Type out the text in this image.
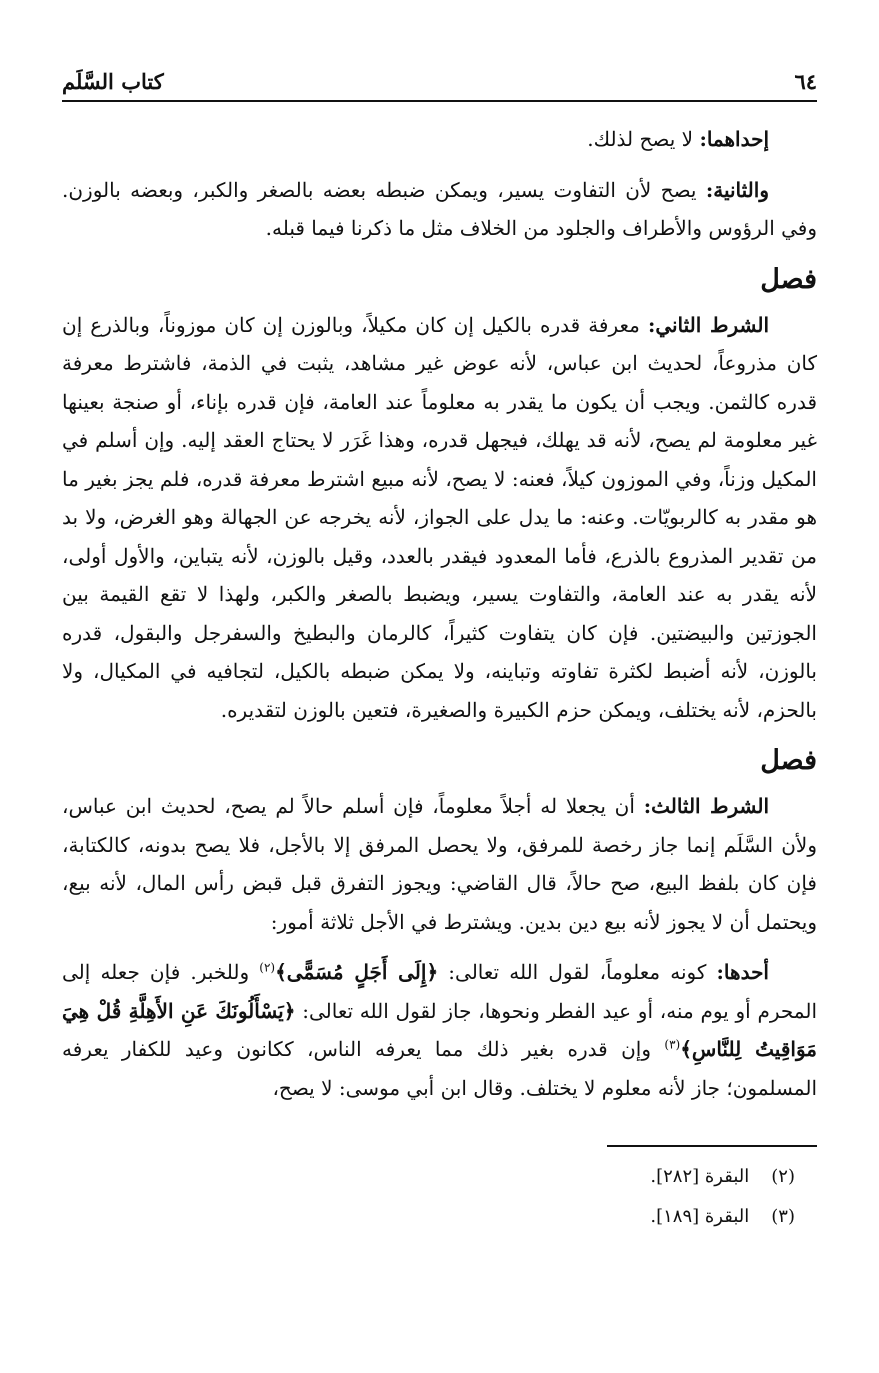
٦٤
كتاب السَّلَم

إحداهما: لا يصح لذلك.

والثانية: يصح لأن التفاوت يسير، ويمكن ضبطه بعضه بالصغر والكبر، وبعضه بالوزن. وفي الرؤوس والأطراف والجلود من الخلاف مثل ما ذكرنا فيما قبله.

فصل

الشرط الثاني: معرفة قدره بالكيل إن كان مكيلاً، وبالوزن إن كان موزوناً، وبالذرع إن كان مذروعاً، لحديث ابن عباس، لأنه عوض غير مشاهد، يثبت في الذمة، فاشترط معرفة قدره كالثمن. ويجب أن يكون ما يقدر به معلوماً عند العامة، فإن قدره بإناء، أو صنجة بعينها غير معلومة لم يصح، لأنه قد يهلك، فيجهل قدره، وهذا غَرَر لا يحتاج العقد إليه. وإن أسلم في المكيل وزناً، وفي الموزون كيلاً، فعنه: لا يصح، لأنه مبيع اشترط معرفة قدره، فلم يجز بغير ما هو مقدر به كالربويّات. وعنه: ما يدل على الجواز، لأنه يخرجه عن الجهالة وهو الغرض، ولا بد من تقدير المذروع بالذرع، فأما المعدود فيقدر بالعدد، وقيل بالوزن، لأنه يتباين، والأول أولى، لأنه يقدر به عند العامة، والتفاوت يسير، ويضبط بالصغر والكبر، ولهذا لا تقع القيمة بين الجوزتين والبيضتين. فإن كان يتفاوت كثيراً، كالرمان والبطيخ والسفرجل والبقول، قدره بالوزن، لأنه أضبط لكثرة تفاوته وتباينه، ولا يمكن ضبطه بالكيل، لتجافيه في المكيال، ولا بالحزم، لأنه يختلف، ويمكن حزم الكبيرة والصغيرة، فتعين بالوزن لتقديره.

فصل

الشرط الثالث: أن يجعلا له أجلاً معلوماً، فإن أسلم حالاً لم يصح، لحديث ابن عباس، ولأن السَّلَم إنما جاز رخصة للمرفق، ولا يحصل المرفق إلا بالأجل، فلا يصح بدونه، كالكتابة، فإن كان بلفظ البيع، صح حالاً، قال القاضي: ويجوز التفرق قبل قبض رأس المال، لأنه بيع، ويحتمل أن لا يجوز لأنه بيع دين بدين. ويشترط في الأجل ثلاثة أمور:

أحدها: كونه معلوماً، لقول الله تعالى: ﴿إِلَى أَجَلٍ مُسَمًّى﴾$^{(٢)}$ وللخبر. فإن جعله إلى المحرم أو يوم منه، أو عيد الفطر ونحوها، جاز لقول الله تعالى: ﴿يَسْأَلُونَكَ عَنِ الأَهِلَّةِ قُلْ هِيَ مَوَاقِيتُ لِلنَّاسِ﴾$^{(٣)}$ وإن قدره بغير ذلك مما يعرفه الناس، ككانون وعيد للكفار يعرفه المسلمون؛ جاز لأنه معلوم لا يختلف. وقال ابن أبي موسى: لا يصح،

(٢)
البقرة [٢٨٢].
(٣)
البقرة [١٨٩].
